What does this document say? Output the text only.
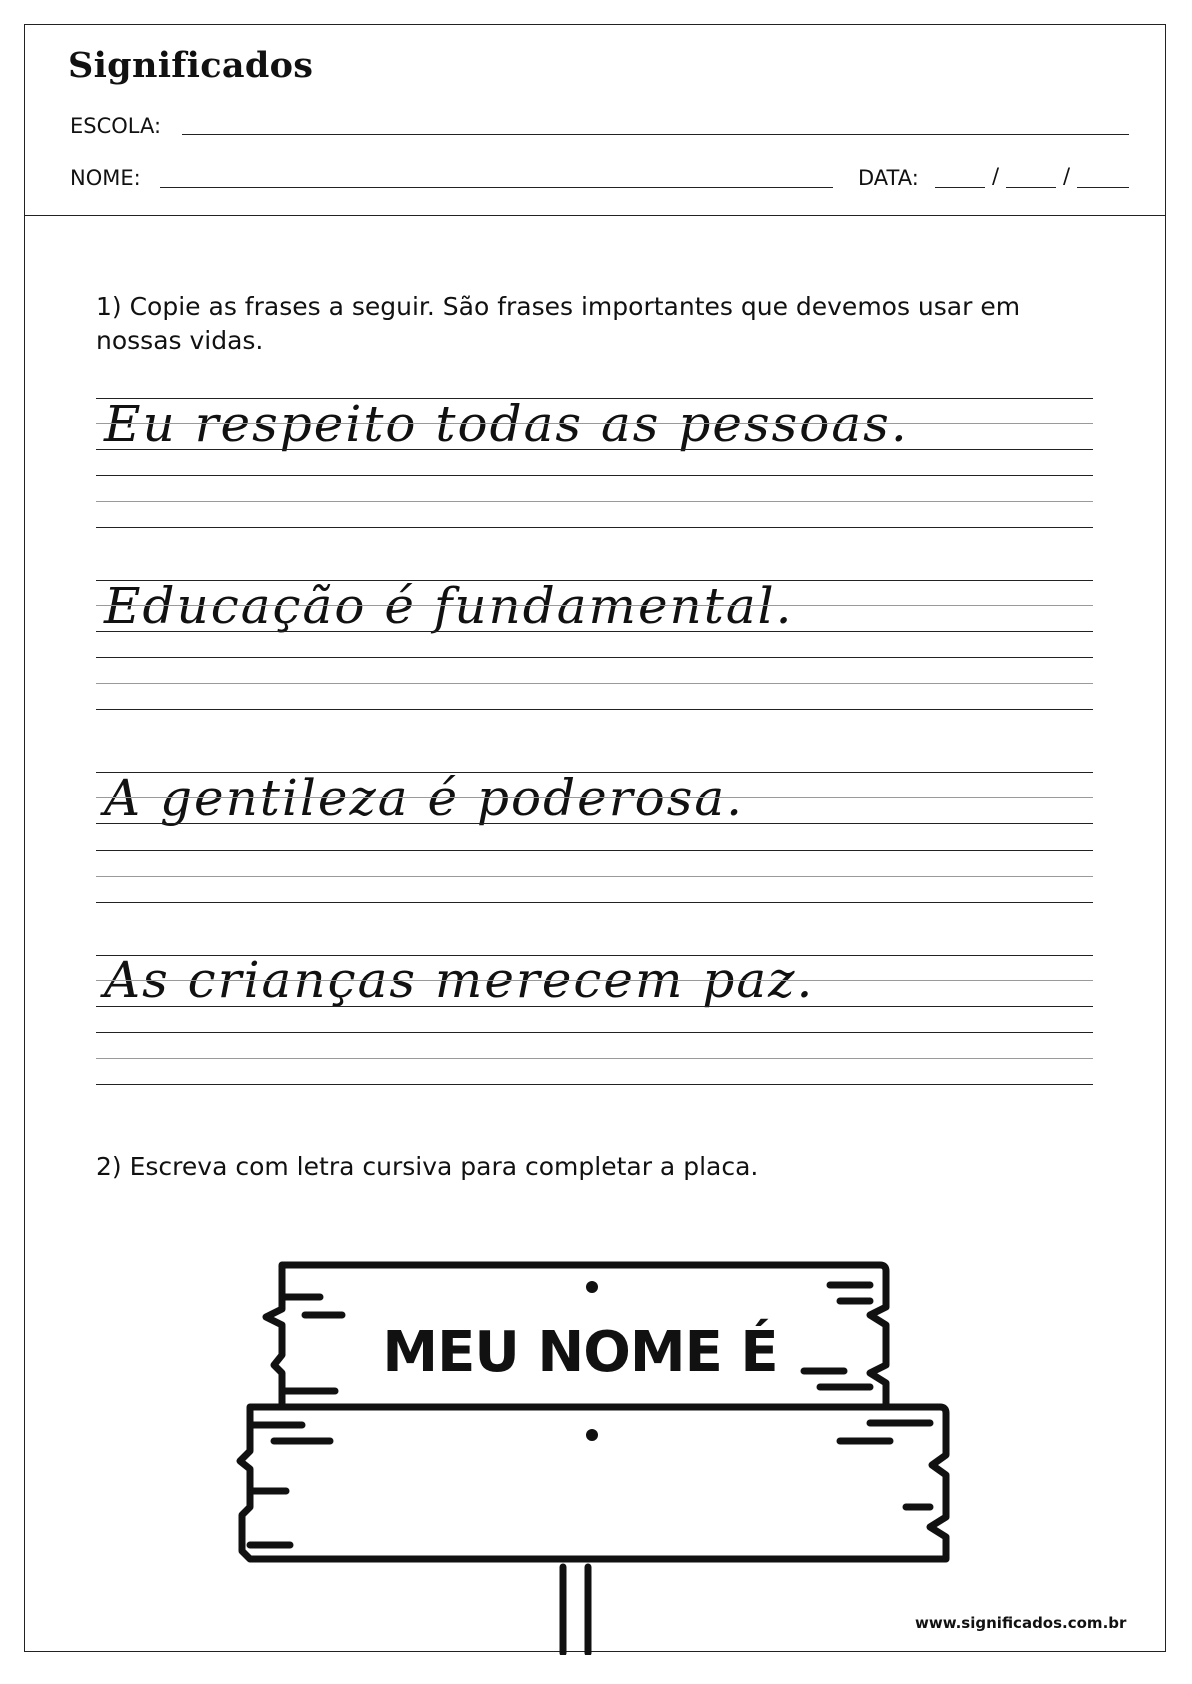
Significados
ESCOLA:
NOME:	DATA:	/	/
1) Copie as frases a seguir. São frases importantes que devemos usar em nossas vidas.
Eu respeito todas as pessoas.
Educação é fundamental.
A gentileza é poderosa.
As crianças merecem paz.
2) Escreva com letra cursiva para completar a placa.
MEU NOME É
www.significados.com.br
